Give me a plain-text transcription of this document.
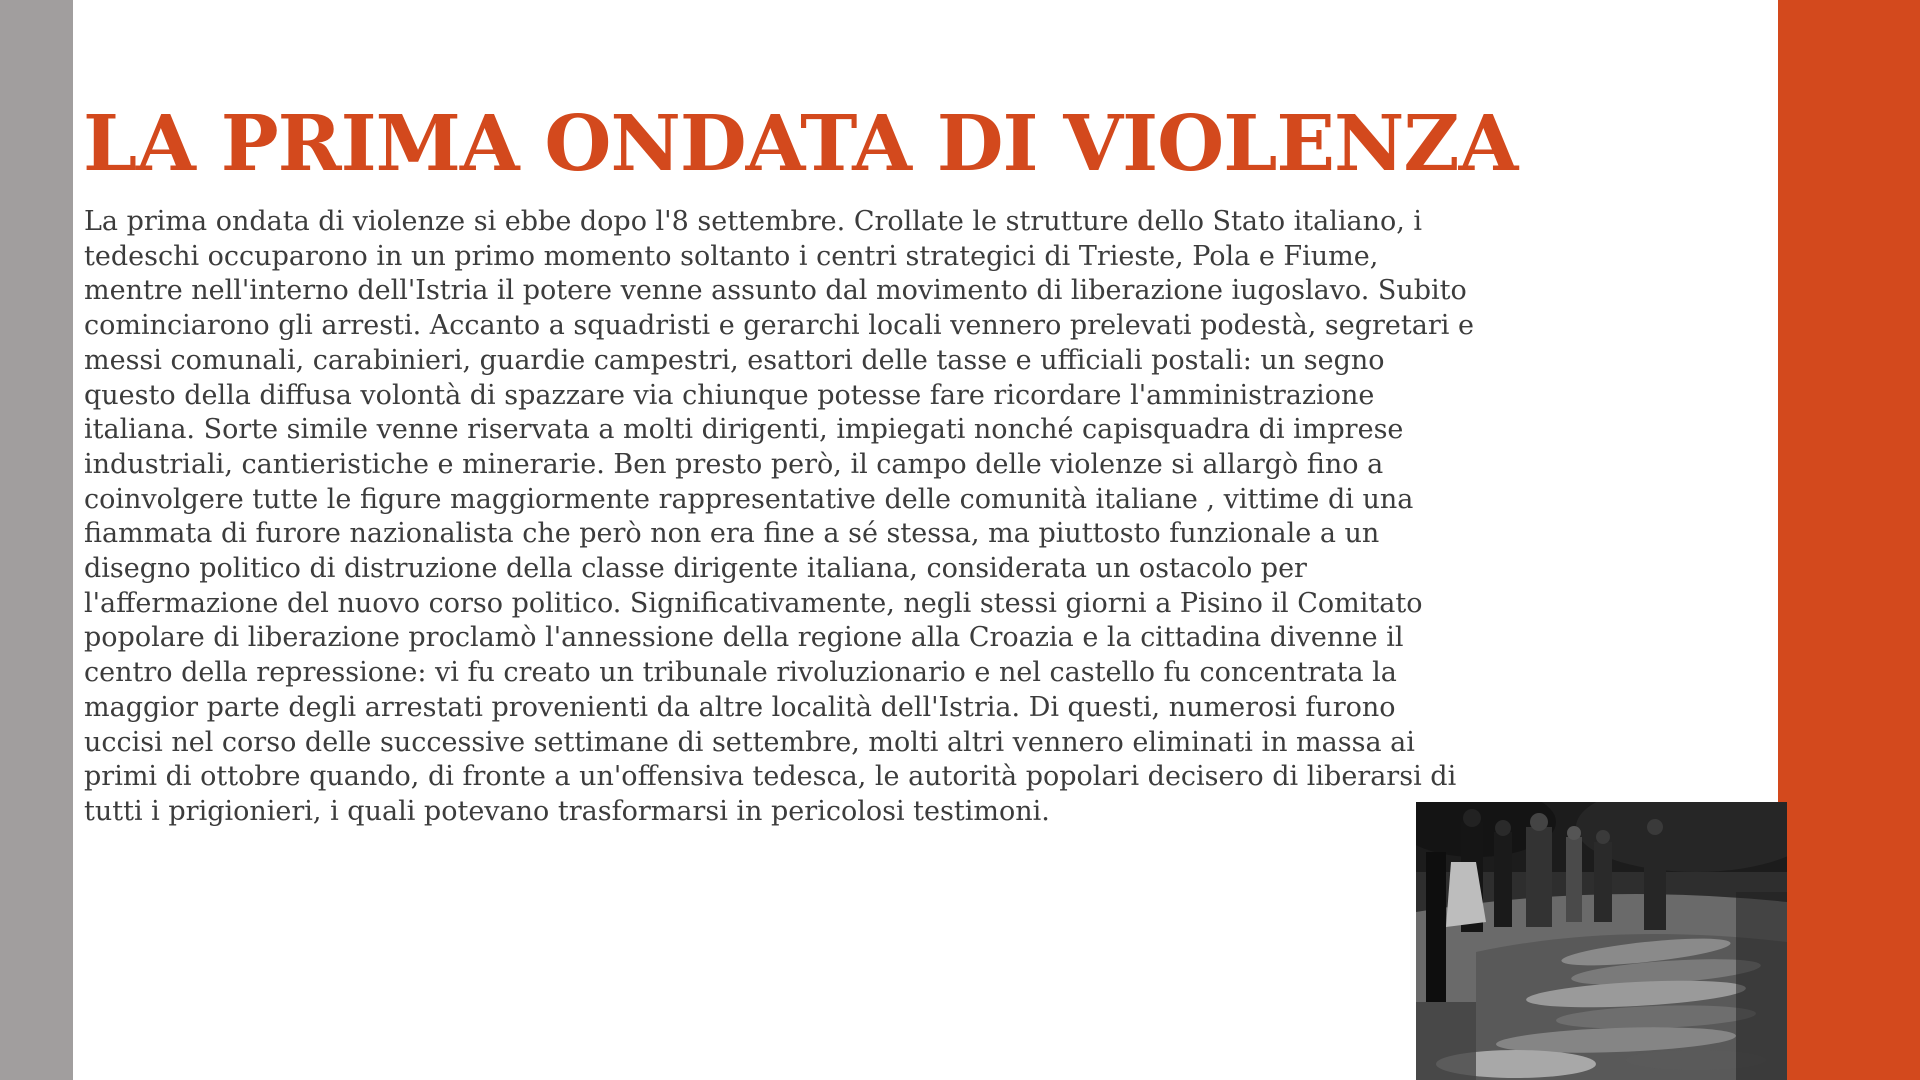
LA PRIMA ONDATA DI VIOLENZA
La prima ondata di violenze si ebbe dopo l'8 settembre. Crollate le strutture dello Stato italiano, i
tedeschi occuparono in un primo momento soltanto i centri strategici di Trieste, Pola e Fiume,
mentre nell'interno dell'Istria il potere venne assunto dal movimento di liberazione iugoslavo. Subito
cominciarono gli arresti. Accanto a squadristi e gerarchi locali vennero prelevati podestà, segretari e
messi comunali, carabinieri, guardie campestri, esattori delle tasse e ufficiali postali: un segno
questo della diffusa volontà di spazzare via chiunque potesse fare ricordare l'amministrazione
italiana. Sorte simile venne riservata a molti dirigenti, impiegati nonché capisquadra di imprese
industriali, cantieristiche e minerarie. Ben presto però, il campo delle violenze si allargò fino a
coinvolgere tutte le figure maggiormente rappresentative delle comunità italiane , vittime di una
fiammata di furore nazionalista che però non era fine a sé stessa, ma piuttosto funzionale a un
disegno politico di distruzione della classe dirigente italiana, considerata un ostacolo per
l'affermazione del nuovo corso politico. Significativamente, negli stessi giorni a Pisino il Comitato
popolare di liberazione proclamò l'annessione della regione alla Croazia e la cittadina divenne il
centro della repressione: vi fu creato un tribunale rivoluzionario e nel castello fu concentrata la
maggior parte degli arrestati provenienti da altre località dell'Istria. Di questi, numerosi furono
uccisi nel corso delle successive settimane di settembre, molti altri vennero eliminati in massa ai
primi di ottobre quando, di fronte a un'offensiva tedesca, le autorità popolari decisero di liberarsi di
tutti i prigionieri, i quali potevano trasformarsi in pericolosi testimoni.
